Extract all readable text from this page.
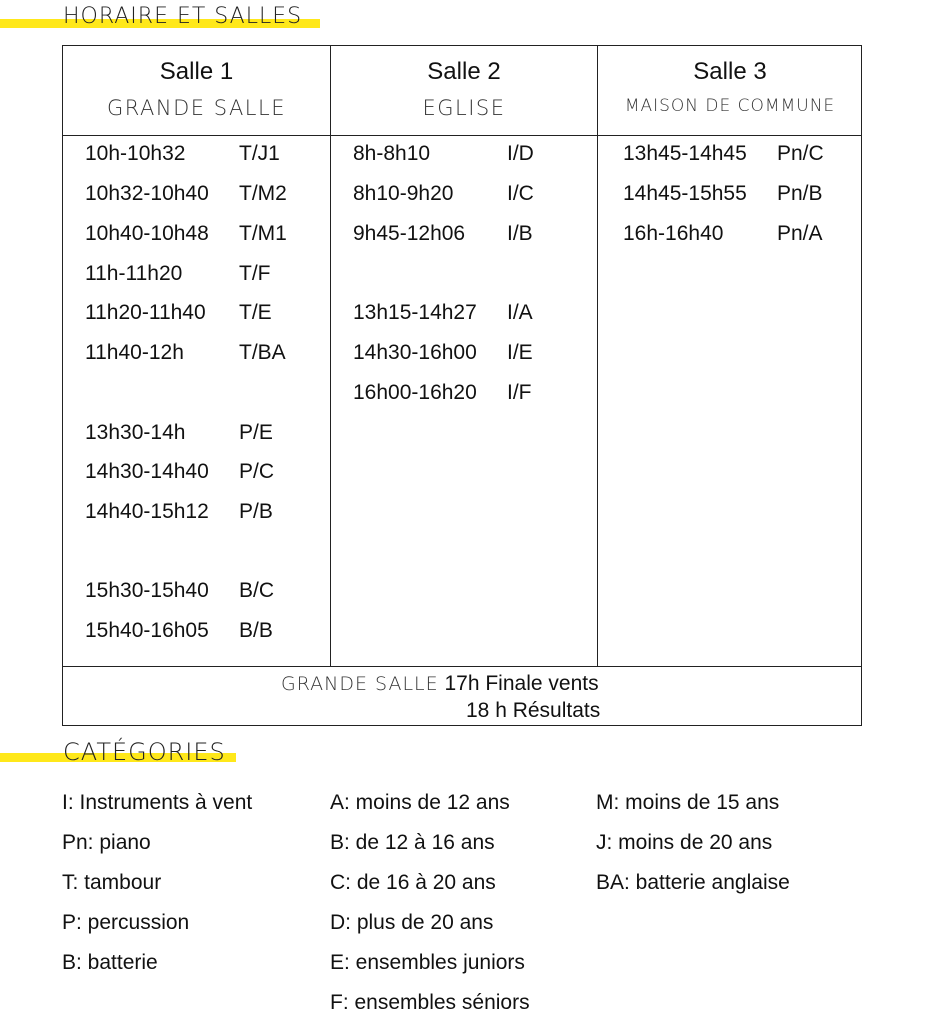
HORAIRE ET SALLES
Salle 1
GRANDE SALLE
10h-10h32	T/J1
10h32-10h40 T/M2
10h40-10h48 T/M1
11h-11h20	T/F
11h20-11h40 T/E
11h40-12h	T/BA
13h30-14h	P/E
14h30-14h40 P/C
14h40-15h12 P/B
15h30-15h40 B/C
15h40-16h05 B/B
Salle 2
EGLISE
8h-8h10	I/D
8h10-9h20	I/C
9h45-12h06 I/B
13h15-14h27 I/A
14h30-16h00 I/E
16h00-16h20 I/F
Salle 3
MAISON DE COMMUNE
13h45-14h45 Pn/C
14h45-15h55 Pn/B
16h-16h40	Pn/A
GRANDE SALLE 17h Finale vents
18 h Résultats
CATÉGORIES
I: Instruments à vent
Pn: piano
T: tambour
P: percussion
B: batterie
A: moins de 12 ans
B: de 12 à 16 ans
C: de 16 à 20 ans
D: plus de 20 ans
E: ensembles juniors
F: ensembles séniors
M: moins de 15 ans
J: moins de 20 ans
BA: batterie anglaise
